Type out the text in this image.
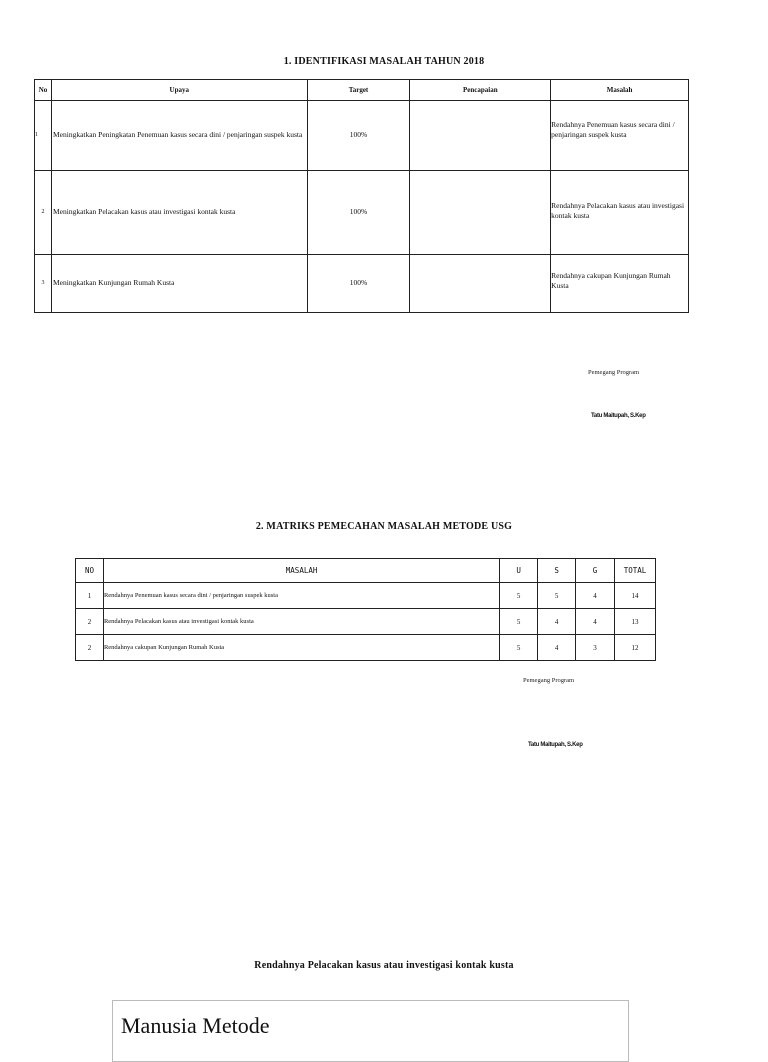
1. IDENTIFIKASI MASALAH TAHUN 2018
No	Upaya	Target	Pencapaian	Masalah
1	Meningkatkan Peningkatan Penemuan kasus secara dini / penjaringan suspek kusta	100%		Rendahnya Penemuan kasus secara dini / penjaringan suspek kusta

2	Meningkatkan Pelacakan kasus atau investigasi kontak kusta	100%		Rendahnya Pelacakan kasus atau investigasi kontak kusta

3	Meningkatkan Kunjungan Rumah Kusta	100%		Rendahnya cakupan Kunjungan Rumah Kusta
Pemegang Program
Tatu Maitupah, S.Kep
2. MATRIKS PEMECAHAN MASALAH METODE USG
NO	MASALAH	U	S	G	TOTAL
1	Rendahnya Penemuan kasus secara dini / penjaringan suspek kusta	5	5	4	14
2	Rendahnya Pelacakan kasus atau investigasi kontak kusta	5	4	4	13
2	Rendahnya cakupan Kunjungan Rumah Kusta	5	4	3	12
Pemegang Program
Tatu Maitupah, S.Kep
Rendahnya Pelacakan kasus atau investigasi kontak kusta
Manusia Metode
